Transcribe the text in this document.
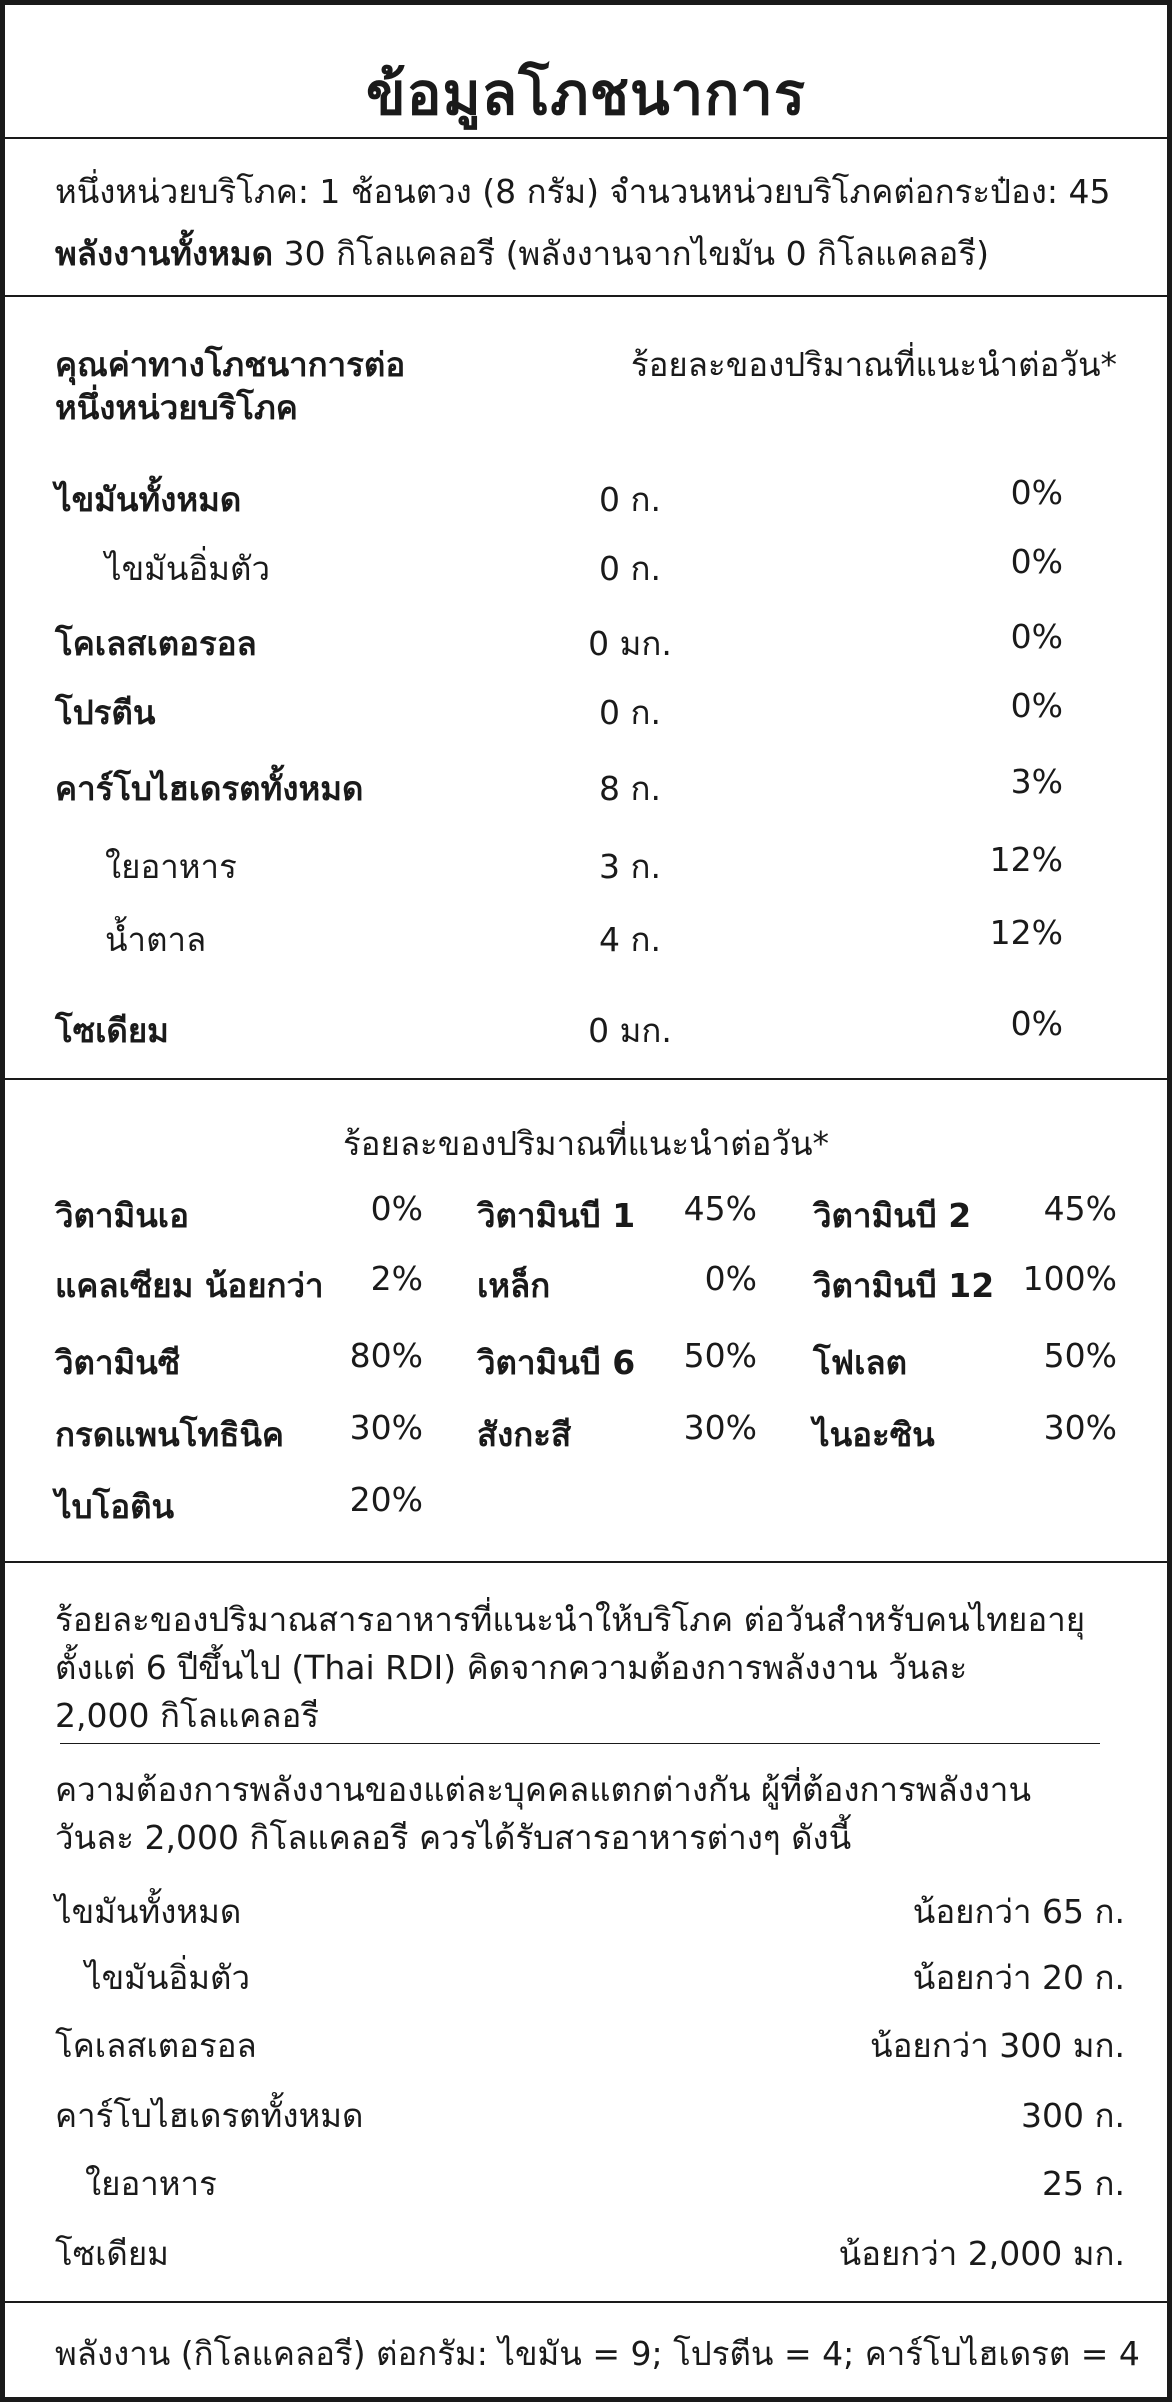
ข้อมูลโภชนาการ
หนึ่งหน่วยบริโภค: 1 ช้อนตวง (8 กรัม) จำนวนหน่วยบริโภคต่อกระป๋อง: 45
พลังงานทั้งหมด 30 กิโลแคลอรี (พลังงานจากไขมัน 0 กิโลแคลอรี)
คุณค่าทางโภชนาการต่อ
หนึ่งหน่วยบริโภค
ร้อยละของปริมาณที่แนะนำต่อวัน*
ไขมันทั้งหมด	0 ก.	0%
ไขมันอิ่มตัว	0 ก.	0%
โคเลสเตอรอล	0 มก.	0%
โปรตีน	0 ก.	0%
คาร์โบไฮเดรตทั้งหมด	8 ก.	3%
ใยอาหาร	3 ก.	12%
น้ำตาล	4 ก.	12%
โซเดียม	0 มก.	0%
ร้อยละของปริมาณที่แนะนำต่อวัน*
วิตามินเอ	0% วิตามินบี 1	45% วิตามินบี 2	45%
แคลเซียม น้อยกว่า	2% เหล็ก	0% วิตามินบี 12 100%
วิตามินซี	80% วิตามินบี 6	50% โฟเลต	50%
กรดแพนโทธินิค	30% สังกะสี	30% ไนอะซิน	30%
ไบโอติน	20%
ร้อยละของปริมาณสารอาหารที่แนะนำให้บริโภค ต่อวันสำหรับคนไทยอายุ
ตั้งแต่ 6 ปีขึ้นไป (Thai RDI) คิดจากความต้องการพลังงาน วันละ
2,000 กิโลแคลอรี
ความต้องการพลังงานของแต่ละบุคคลแตกต่างกัน ผู้ที่ต้องการพลังงาน
วันละ 2,000 กิโลแคลอรี ควรได้รับสารอาหารต่างๆ ดังนี้
ไขมันทั้งหมด	น้อยกว่า 65 ก.
ไขมันอิ่มตัว	น้อยกว่า 20 ก.
โคเลสเตอรอล	น้อยกว่า 300 มก.
คาร์โบไฮเดรตทั้งหมด	300 ก.
ใยอาหาร	25 ก.
โซเดียม	น้อยกว่า 2,000 มก.
พลังงาน (กิโลแคลอรี) ต่อกรัม: ไขมัน = 9; โปรตีน = 4; คาร์โบไฮเดรต = 4
